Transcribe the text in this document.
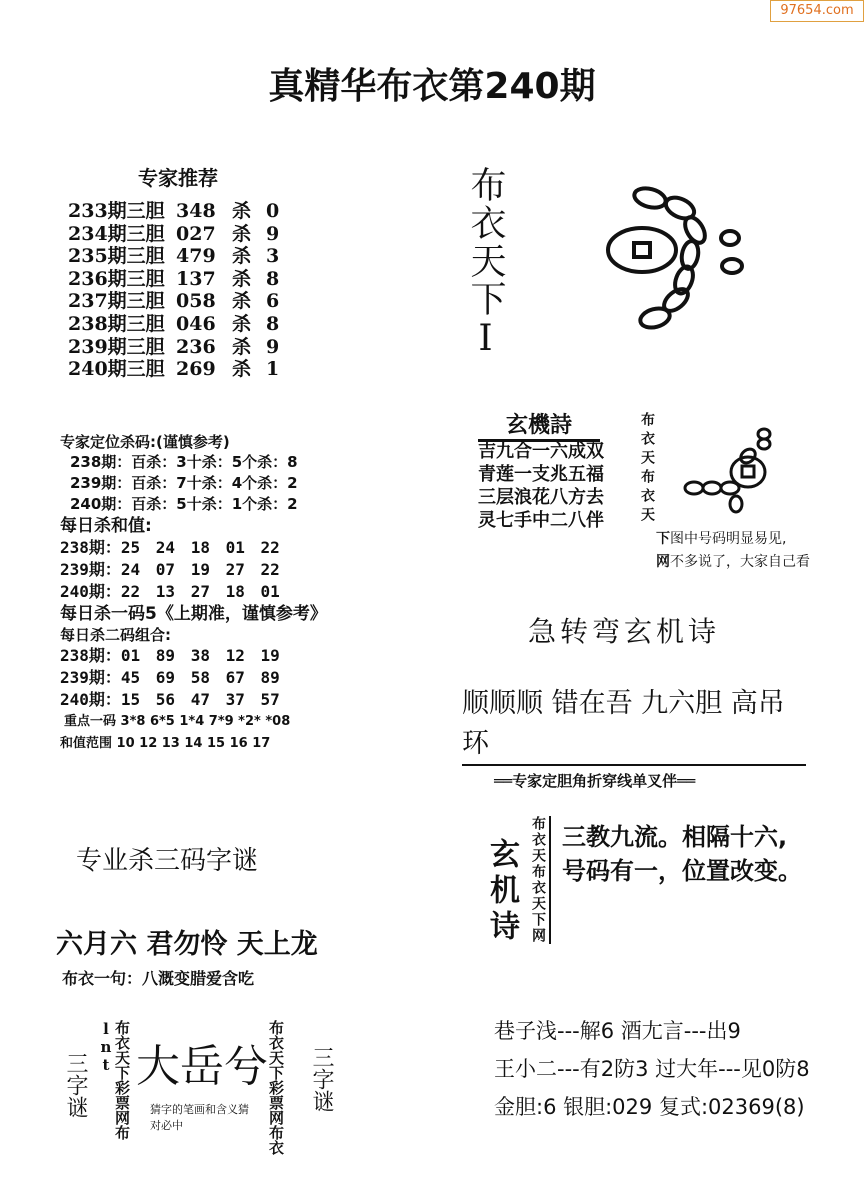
97654.com
真精华布衣第240期
专家推荐
233期三胆 348 杀 0
234期三胆 027 杀 9
235期三胆 479 杀 3
236期三胆 137 杀 8
237期三胆 058 杀 6
238期三胆 046 杀 8
239期三胆 236 杀 9
240期三胆 269 杀 1
专家定位杀码:(谨慎参考)
238期：百杀：3十杀：5个杀：8
239期：百杀：7十杀：4个杀：2
240期：百杀：5十杀：1个杀：2
每日杀和值:
238期：25 24 18 01 22
239期：24 07 19 27 22
240期：22 13 27 18 01
每日杀一码5《上期准，谨慎参考》
每日杀二码组合:
238期：01 89 38 12 19
239期：45 69 58 67 89
240期：15 56 47 37 57
重点一码 3*8 6*5 1*4 7*9 *2* *08
和值范围 10 12 13 14 15 16 17
专业杀三码字谜
六月六 君勿怜 天上龙
布衣一句：八溉变腊爱含吃
三字谜	布衣天下彩票网布lnt 大岳兮
猜字的笔画和含义猜对必中	布衣天下彩票网布衣 三字谜
布衣天下I
玄機詩
吉九合一六成双
青莲一支兆五福
三层浪花八方去
灵七手中二八伴	布衣天布衣天
下图中号码明显易见,
网不多说了，大家自己看
急转弯玄机诗
顺顺顺 错在吾 九六胆 高吊环
══专家定胆角折穿线单叉伴══
玄机诗 布衣天布衣天下网 三教九流。相隔十六,
号码有一，位置改变。
巷子浅---解6 酒尢言---出9
王小二---有2防3 过大年---见0防8
金胆:6 银胆:029 复式:02369(8)
